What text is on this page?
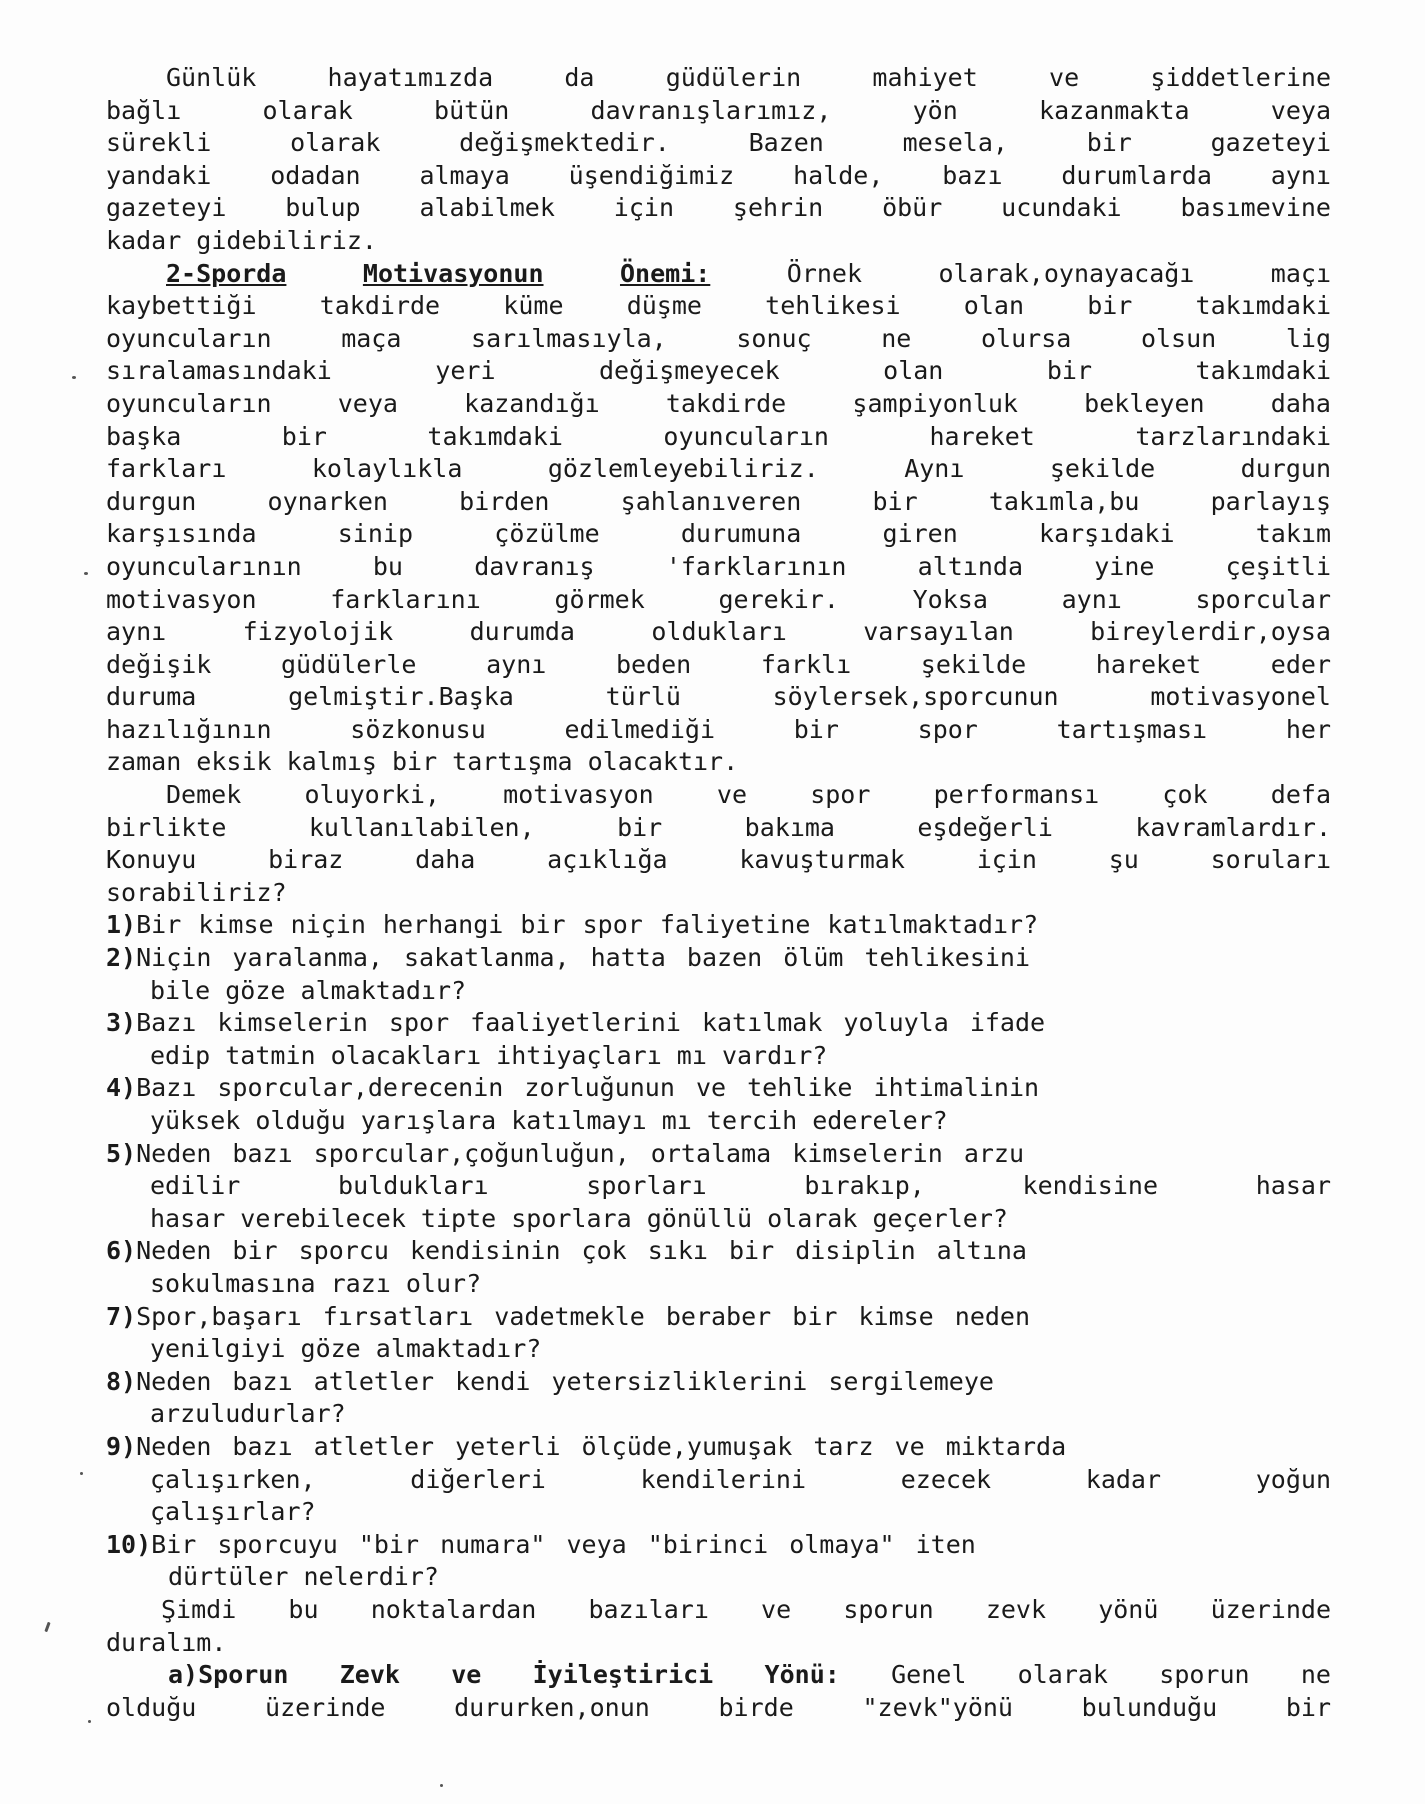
Günlük hayatımızda da güdülerin mahiyet ve şiddetlerine
bağlı olarak bütün davranışlarımız, yön kazanmakta veya
sürekli olarak değişmektedir. Bazen mesela, bir gazeteyi
yandaki odadan almaya üşendiğimiz halde, bazı durumlarda aynı
gazeteyi bulup alabilmek için şehrin öbür ucundaki basımevine
kadar gidebiliriz.
2-Sporda	Motivasyonun	Önemi:	Örnek olarak,oynayacağı maçı
kaybettiği takdirde küme düşme tehlikesi olan bir takımdaki
oyuncuların maça sarılmasıyla, sonuç ne olursa olsun lig
sıralamasındaki yeri değişmeyecek olan bir takımdaki
oyuncuların veya kazandığı takdirde şampiyonluk bekleyen daha
başka bir takımdaki oyuncuların hareket tarzlarındaki
farkları kolaylıkla gözlemleyebiliriz. Aynı şekilde durgun
durgun oynarken birden şahlanıveren bir takımla,bu parlayış
karşısında sinip çözülme durumuna giren karşıdaki takım
oyuncularının bu davranış 'farklarının altında yine çeşitli
motivasyon farklarını görmek gerekir. Yoksa aynı sporcular
aynı fizyolojik durumda oldukları varsayılan bireylerdir,oysa
değişik güdülerle aynı beden farklı şekilde hareket eder
duruma gelmiştir.Başka türlü söylersek,sporcunun motivasyonel
hazılığının sözkonusu edilmediği bir spor tartışması her
zaman eksik kalmış bir tartışma olacaktır.
Demek oluyorki, motivasyon ve spor performansı çok defa
birlikte kullanılabilen, bir bakıma eşdeğerli kavramlardır.
Konuyu biraz daha açıklığa kavuşturmak için şu soruları
sorabiliriz?
1)Bir kimse niçin herhangi bir spor faliyetine katılmaktadır?
2)Niçin yaralanma, sakatlanma, hatta bazen ölüm tehlikesini
bile göze almaktadır?
3)Bazı kimselerin spor faaliyetlerini katılmak yoluyla ifade
edip tatmin olacakları ihtiyaçları mı vardır?
4)Bazı sporcular,derecenin zorluğunun ve tehlike ihtimalinin
yüksek olduğu yarışlara katılmayı mı tercih edereler?
5)Neden bazı sporcular,çoğunluğun, ortalama kimselerin arzu
edilir buldukları sporları bırakıp, kendisine hasar
hasar verebilecek tipte sporlara gönüllü olarak geçerler?
6)Neden bir sporcu kendisinin çok sıkı bir disiplin altına
sokulmasına razı olur?
7)Spor,başarı fırsatları vadetmekle beraber bir kimse neden
yenilgiyi göze almaktadır?
8)Neden bazı atletler kendi yetersizliklerini sergilemeye
arzuludurlar?
9)Neden bazı atletler yeterli ölçüde,yumuşak tarz ve miktarda
çalışırken, diğerleri kendilerini ezecek kadar yoğun
çalışırlar?
10)Bir sporcuyu "bir numara" veya "birinci olmaya" iten
dürtüler nelerdir?
Şimdi bu noktalardan bazıları ve sporun zevk yönü üzerinde
duralım.
a)Sporun Zevk ve İyileştirici Yönü: Genel olarak sporun ne
olduğu üzerinde dururken,onun birde "zevk"yönü bulunduğu bir
